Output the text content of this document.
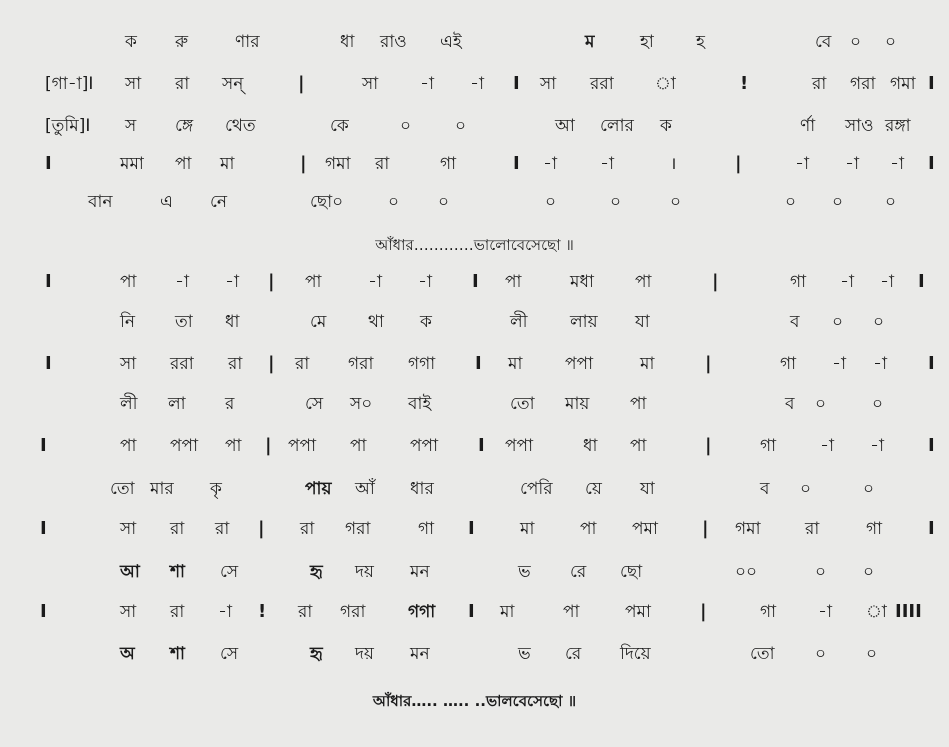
ক রু	ণার	ধা রাও এই	ম	হা হ	বে ০ ০
[গা-া]I সা রা সন্	|	সা -া -া I সা ররা া	!	রা গরা গমা I
[তুমি]I স ঙ্গে থেত	কে	০	০	আ লোর ক	র্ণা সাও রঙ্গা
I	মমা পা মা	| গমা রা	গা	I -া	-া	।	|	-া -া -া I
বান	এ নে	ছো০	০ ০	০	০	০	০ ০ ০
আঁধার…………ভালোবেসেছো ॥
I	পা -া -া | পা	-া -া I পা	মধা পা	|	গা -া -া I
নি তা ধা	মে থা ক	লী লায় যা	ব ০ ০
I	সা ররা রা | রা গরা গগা I মা	পপা	মা	|	গা -া -া I
লী লা র	সে স০ বাই	তো মায় পা	ব ০	০
I	পা পপা পা | পপা পা	পপা I পপা	ধা পা	|	গা	-া -া I
তো মার কৃ	পায় আঁ ধার	পেরি য়ে যা	ব ০	০
I	সা রা রা | রা গরা	গা I	মা	পা পমা | গমা	রা	গা	I
আ শা সে	হৃ দয় মন	ভ রে ছো	০০	০ ০
I	সা রা -া ! রা গরা	গগা I মা	পা	পমা	|	গা -া া IIII
অ শা সে	হৃ দয় মন	ভ রে দিয়ে	তো ০ ০
আঁধার….. ….. ..ভালবেসেছো ॥
